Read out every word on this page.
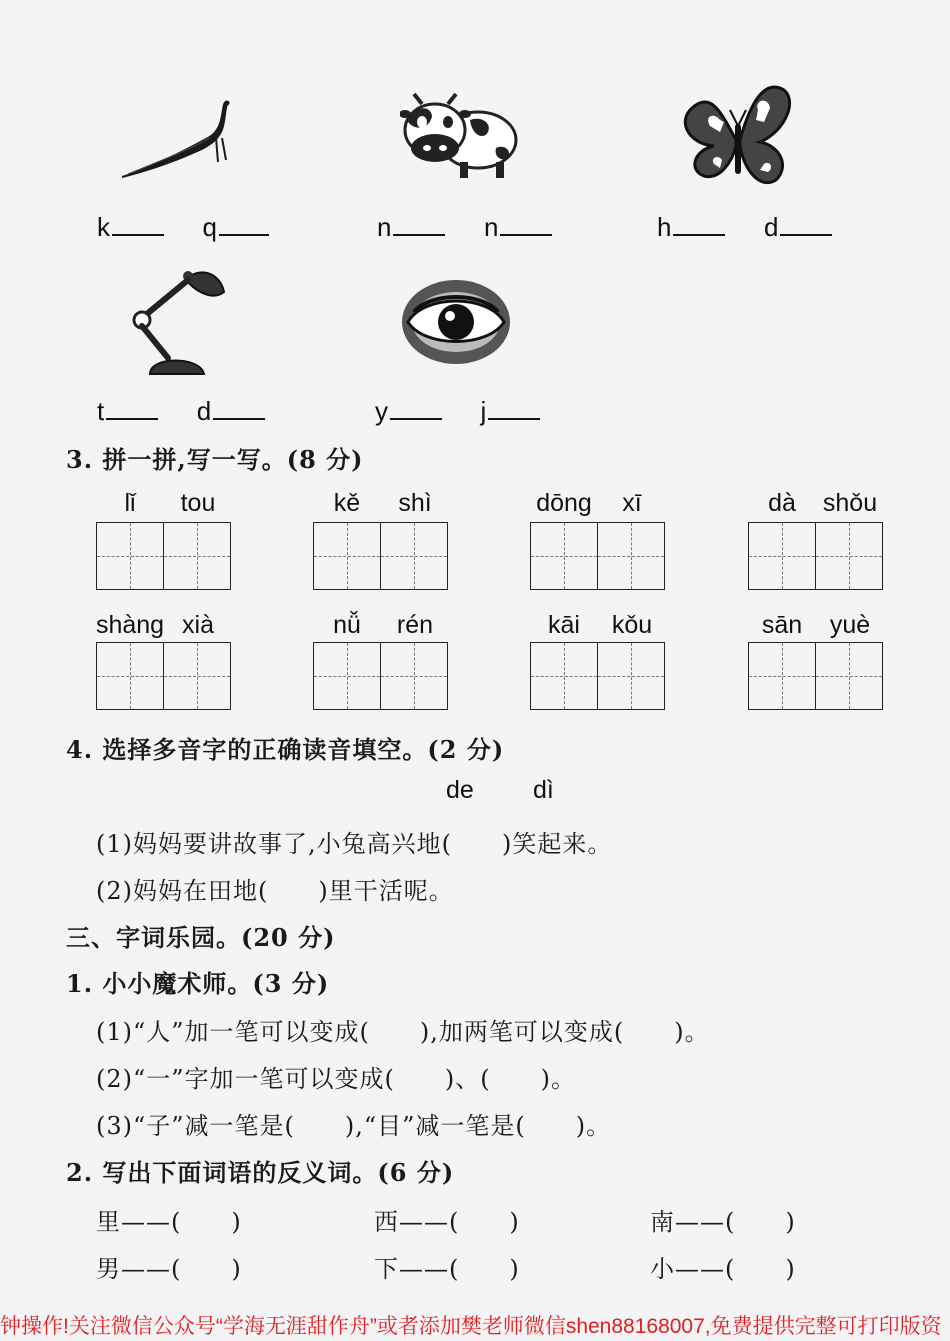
k	q	n	n	h	d
t	d	y	j
3. 拼一拼,写一写。(8 分)
lǐ	tou	kě	shì	dōng	xī	dà	shǒu
shàng xià	nǚ	rén	kāi	kǒu	sān	yuè
4. 选择多音字的正确读音填空。(2 分)
de dì
(1)妈妈要讲故事了,小兔高兴地(　　)笑起来。
(2)妈妈在田地(　　)里干活呢。
三、字词乐园。(20 分)
1. 小小魔术师。(3 分)
(1)“人”加一笔可以变成(　　),加两笔可以变成(　　)。
(2)“一”字加一笔可以变成(　　)、(　　)。
(3)“子”减一笔是(　　),“目”减一笔是(　　)。
2. 写出下面词语的反义词。(6 分)
里——(　　)	西——(　　)	南——(　　)
男——(　　)	下——(　　)	小——(　　)
钟操作!关注微信公众号“学海无涯甜作舟”或者添加樊老师微信shen88168007,免费提供完整可打印版资
